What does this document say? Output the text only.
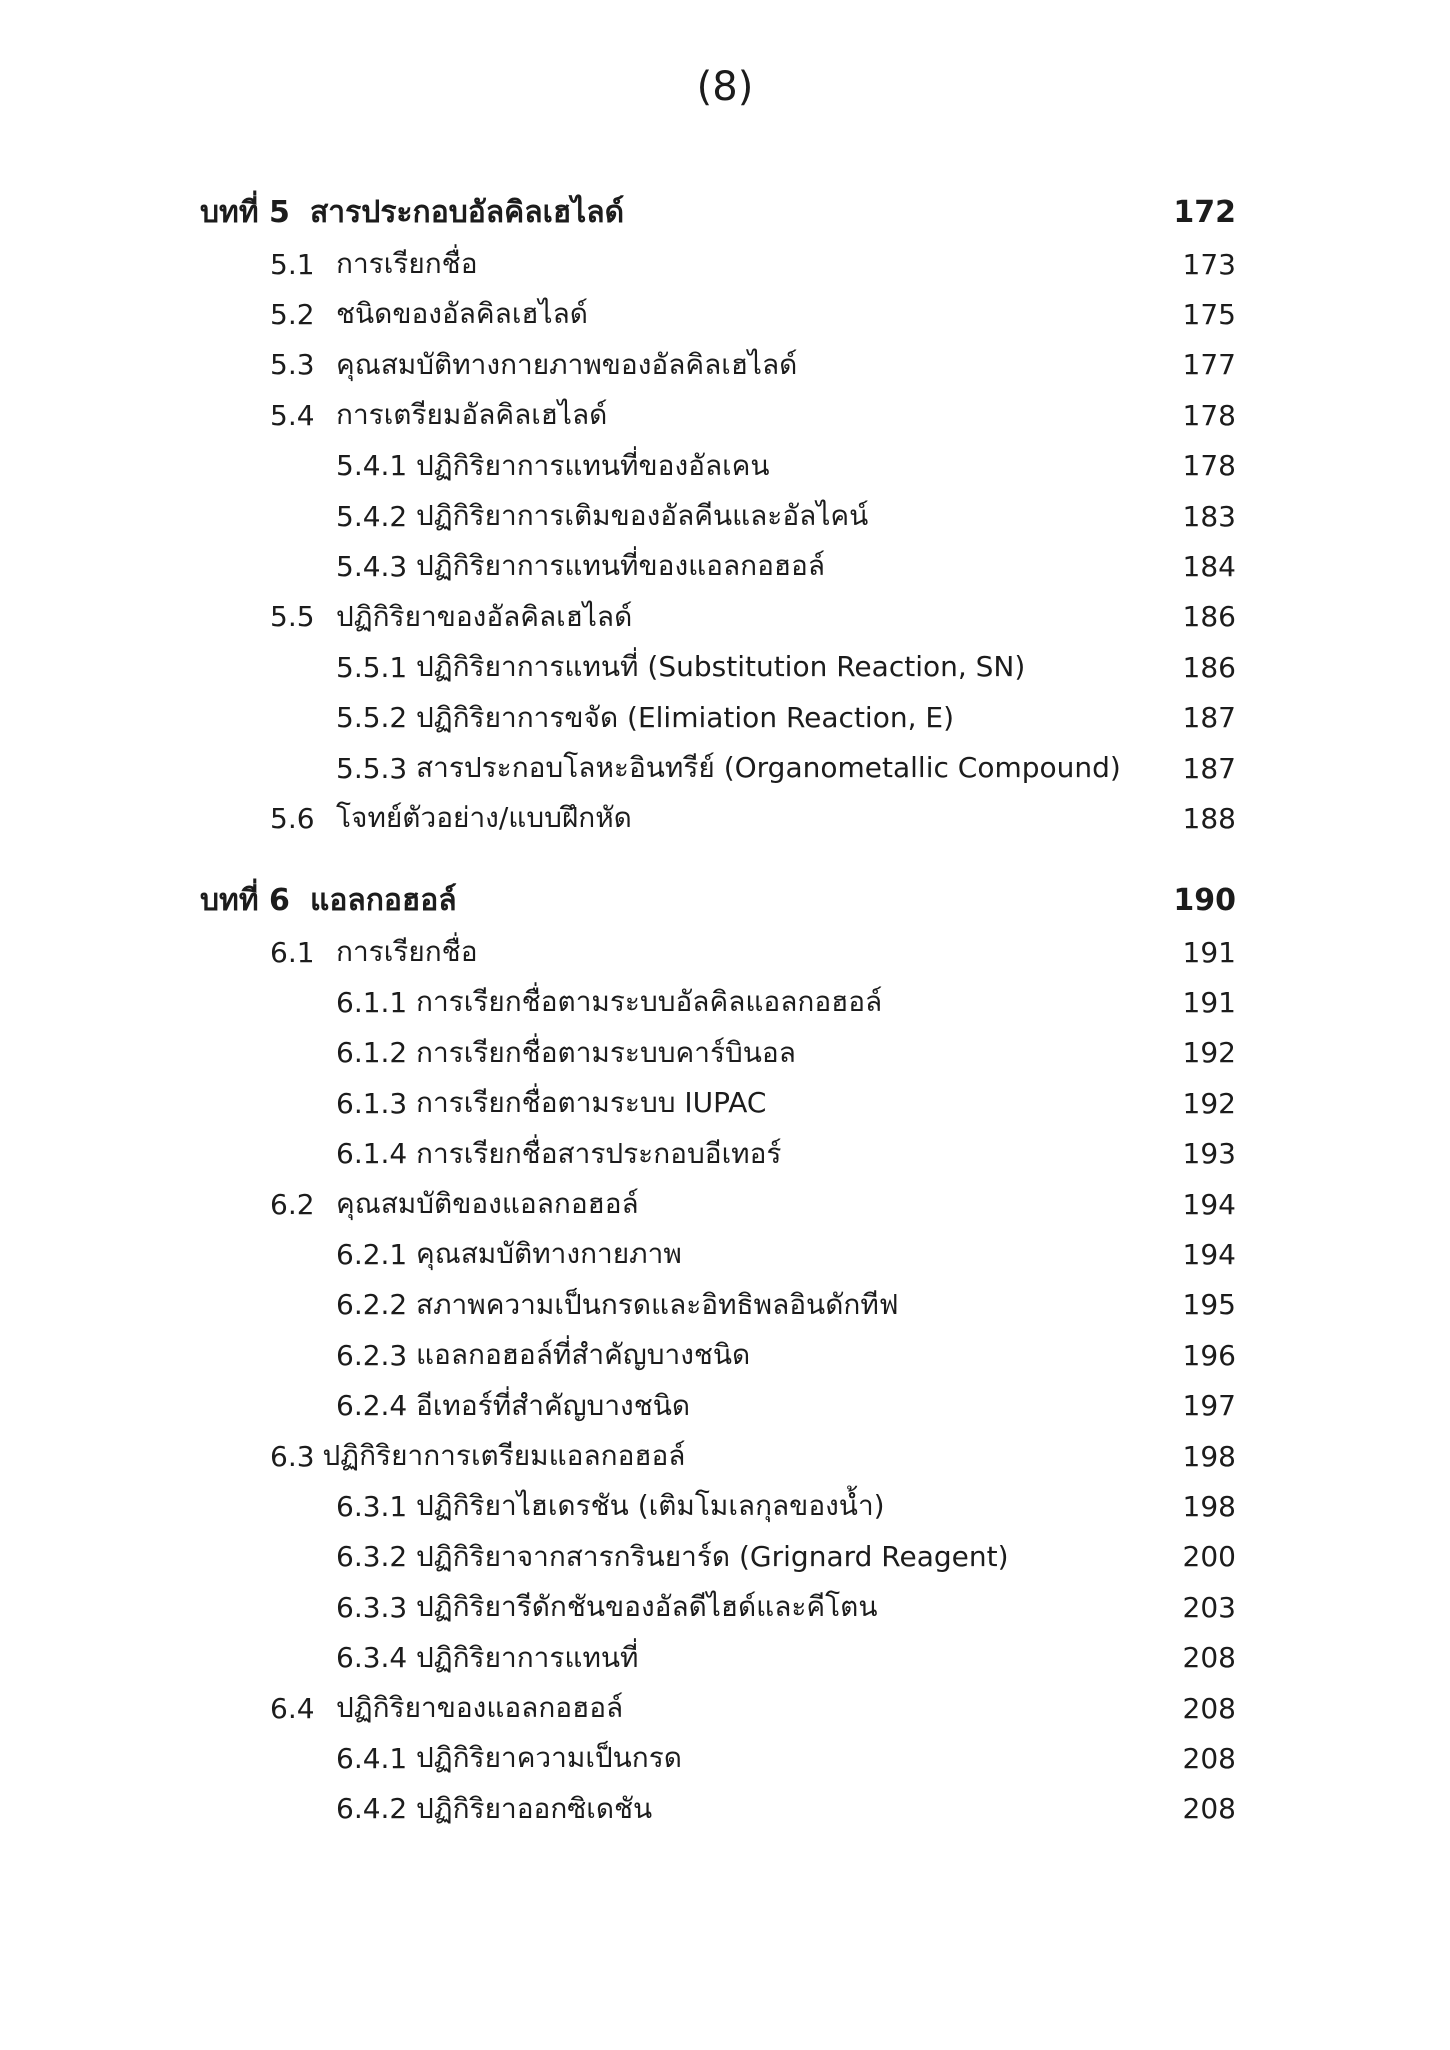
(8)
บทที่ 5 สารประกอบอัลคิลเฮไลด์	172
5.1 การเรียกชื่อ	173
5.2 ชนิดของอัลคิลเฮไลด์	175
5.3 คุณสมบัติทางกายภาพของอัลคิลเฮไลด์	177
5.4 การเตรียมอัลคิลเฮไลด์	178
5.4.1 ปฏิกิริยาการแทนที่ของอัลเคน	178
5.4.2 ปฏิกิริยาการเติมของอัลคีนและอัลไคน์	183
5.4.3 ปฏิกิริยาการแทนที่ของแอลกอฮอล์	184
5.5 ปฏิกิริยาของอัลคิลเฮไลด์	186
5.5.1 ปฏิกิริยาการแทนที่ (Substitution Reaction, SN)	186
5.5.2 ปฏิกิริยาการขจัด (Elimiation Reaction, E)	187
5.5.3 สารประกอบโลหะอินทรีย์ (Organometallic Compound)	187
5.6 โจทย์ตัวอย่าง/แบบฝึกหัด	188
บทที่ 6 แอลกอฮอล์	190
6.1 การเรียกชื่อ	191
6.1.1 การเรียกชื่อตามระบบอัลคิลแอลกอฮอล์	191
6.1.2 การเรียกชื่อตามระบบคาร์บินอล	192
6.1.3 การเรียกชื่อตามระบบ IUPAC	192
6.1.4 การเรียกชื่อสารประกอบอีเทอร์	193
6.2 คุณสมบัติของแอลกอฮอล์	194
6.2.1 คุณสมบัติทางกายภาพ	194
6.2.2 สภาพความเป็นกรดและอิทธิพลอินดักทีฟ	195
6.2.3 แอลกอฮอล์ที่สำคัญบางชนิด	196
6.2.4 อีเทอร์ที่สำคัญบางชนิด	197
6.3 ปฏิกิริยาการเตรียมแอลกอฮอล์	198
6.3.1 ปฏิกิริยาไฮเดรชัน (เติมโมเลกุลของน้ำ)	198
6.3.2 ปฏิกิริยาจากสารกรินยาร์ด (Grignard Reagent)	200
6.3.3 ปฏิกิริยารีดักชันของอัลดีไฮด์และคีโตน	203
6.3.4 ปฏิกิริยาการแทนที่	208
6.4 ปฏิกิริยาของแอลกอฮอล์	208
6.4.1 ปฏิกิริยาความเป็นกรด	208
6.4.2 ปฏิกิริยาออกซิเดชัน	208
